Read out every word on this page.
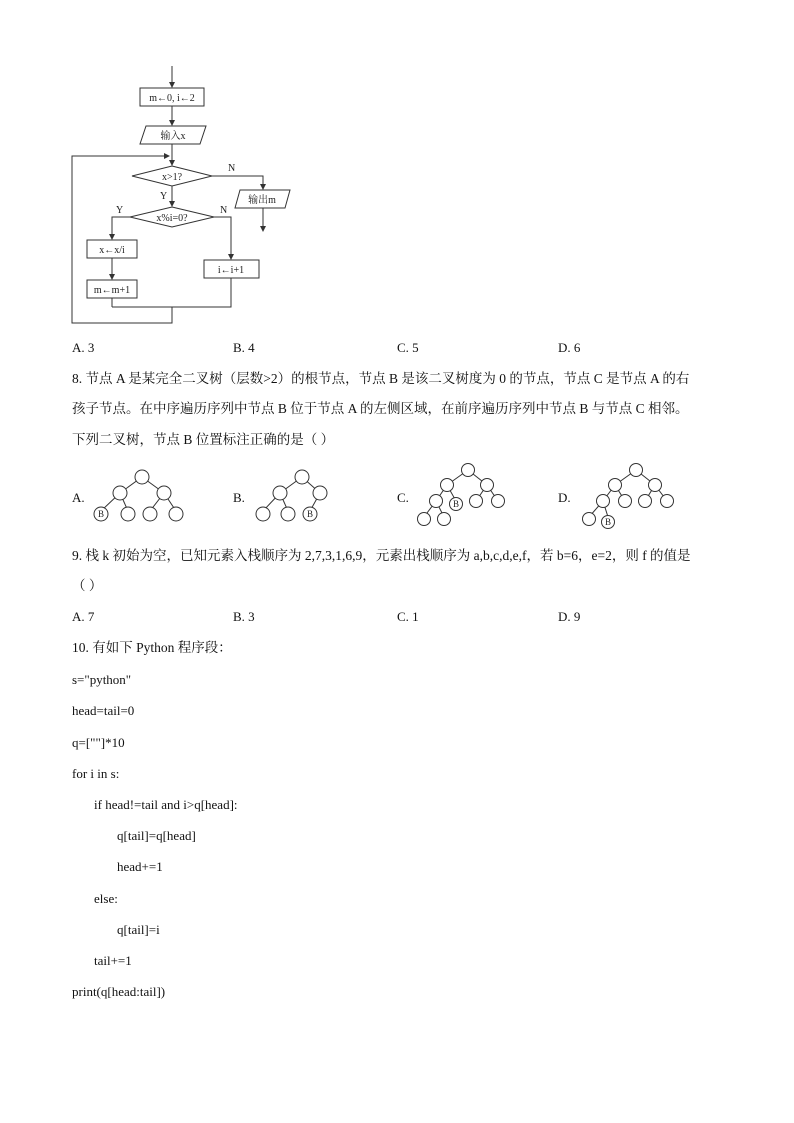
m←0, i←2
输入x
x>1?
输出m
x%i=0?
x←x/i
m←m+1
i←i+1
N
Y
Y	N
A. 3	B. 4	C. 5	D. 6
8. 节点 A 是某完全二叉树（层数>2）的根节点，节点 B 是该二叉树度为 0 的节点，节点 C 是节点 A 的右
孩子节点。在中序遍历序列中节点 B 位于节点 A 的左侧区域，在前序遍历序列中节点 B 与节点 C 相邻。
下列二叉树，节点 B 位置标注正确的是（ ）
A.	B.	C.	D.
B	B
B
B
9. 栈 k 初始为空，已知元素入栈顺序为 2,7,3,1,6,9，元素出栈顺序为 a,b,c,d,e,f，若 b=6，e=2，则 f 的值是
（ ）
A. 7	B. 3	C. 1	D. 9
10. 有如下 Python 程序段：
s="python"
head=tail=0
q=[""]*10
for i in s:
if head!=tail and i>q[head]:
q[tail]=q[head]
head+=1
else:
q[tail]=i
tail+=1
print(q[head:tail])
